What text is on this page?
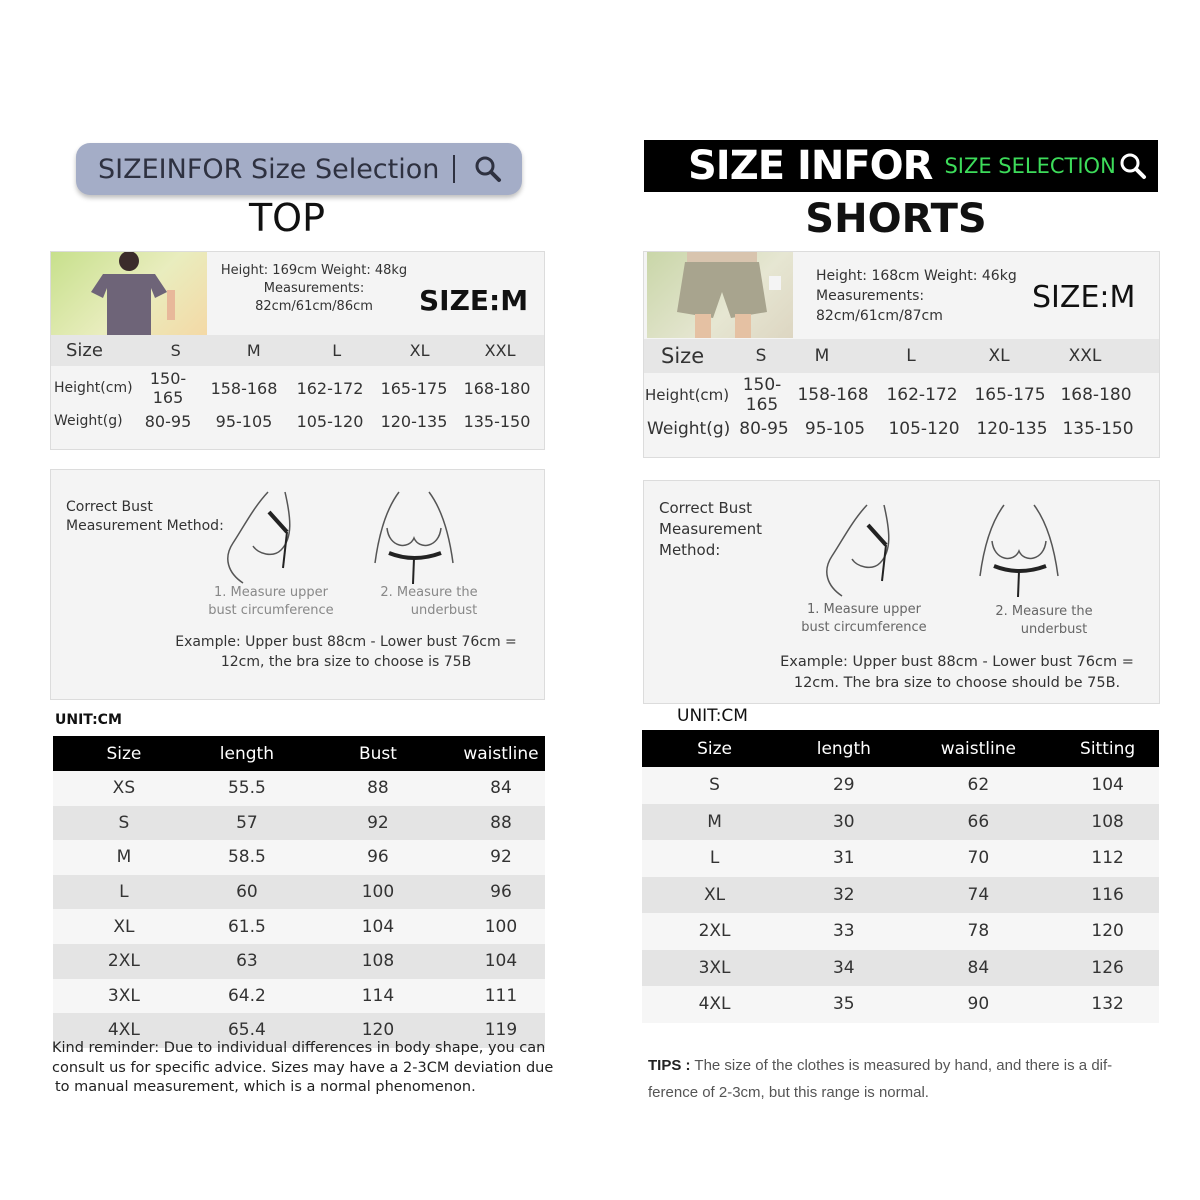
SIZEINFOR Size Selection
TOP
Height: 169cm Weight: 48kg
Measurements:
82cm/61cm/86cm	SIZE:M
Size	S	M	L	XL	XXL
Height(cm)	150-165	158-168	162-172	165-175	168-180
Weight(g)	80-95	95-105	105-120	120-135	135-150
Correct Bust
Measurement Method:
1. Measure upper
bust circumference
2. Measure the
underbust
Example: Upper bust 88cm - Lower bust 76cm =
12cm, the bra size to choose is 75B
UNIT:CM
Size	length	Bust	waistline
XS	55.5	88	84
S	57	92	88
M	58.5	96	92
L	60	100	96
XL	61.5	104	100
2XL	63	108	104
3XL	64.2	114	111
4XL	65.4	120	119
Kind reminder: Due to individual differences in body shape, you can
consult us for specific advice. Sizes may have a 2-3CM deviation due
to manual measurement, which is a normal phenomenon.
SIZE INFOR SIZE SELECTION
SHORTS
Height: 168cm Weight: 46kg
Measurements:
82cm/61cm/87cm
SIZE:M
Size	S	M	L	XL	XXL
Height(cm) 150-165	158-168	162-172 165-175 168-180
Weight(g) 80-95 95-105	105-120 120-135 135-150
Correct Bust
Measurement
Method:
1. Measure upper
bust circumference
2. Measure the
underbust
Example: Upper bust 88cm - Lower bust 76cm =
12cm. The bra size to choose should be 75B.
UNIT:CM
Size	length	waistline	Sitting
S	29	62	104
M	30	66	108
L	31	70	112
XL	32	74	116
2XL	33	78	120
3XL	34	84	126
4XL	35	90	132
TIPS : The size of the clothes is measured by hand, and there is a dif-
ference of 2-3cm, but this range is normal.
